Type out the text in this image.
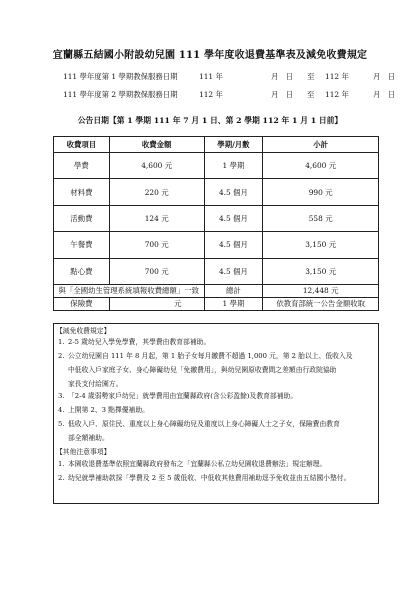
宜蘭縣五結國小附設幼兒園 111 學年度收退費基準表及減免收費規定
111 學年度第 1 學期教保服務日期	111 年	月　日 至 112 年	月　日
111 學年度第 2 學期教保服務日期	112 年	月　日 至 112 年	月　日
公告日期【第 1 學期 111 年 7 月 1 日、第 2 學期 112 年 1 月 1 日前】
收費項目	收費金額	學期/月數	小計
學費	4,600 元	1 學期	4,600 元
材料費	220 元	4.5 個月	990 元
活動費	124 元	4.5 個月	558 元
午餐費	700 元	4.5 個月	3,150 元
點心費	700 元	4.5 個月	3,150 元
與「全國幼生管理系統填報收費總額」一致		總計	12,448 元
保險費	元	1 學期	依教育部統一公告金額收取
【減免收費規定】
1. 2-5 歲幼兒入學免學費，其學費由教育部補助。
2. 公立幼兒園自 111 年 8 月起，第 1 胎子女每月繳費不超過 1,000 元，第 2 胎以上、低收入及
中低收入戶家庭子女、身心障礙幼兒「免繳費用」，與幼兒園原收費間之差額由行政院協助
家長支付給園方。
3. 「2-4 歲弱勢家戶幼兒」就學費用由宜蘭縣政府(含公彩盈餘)及教育部補助。
4. 上開第 2、3 點擇優補助。
5. 低收入戶、原住民、重度以上身心障礙幼兒及重度以上身心障礙人士之子女，保險費由教育
部全額補助。
【其他注意事項】
1. 本園收退費基準依照宜蘭縣政府發布之「宜蘭縣公私立幼兒園收退費辦法」規定辦理。
2. 幼兒就學補助款採「學費及 2 至 5 歲低收、中低收其他費用補助逕予免收並由五結國小墊付。
